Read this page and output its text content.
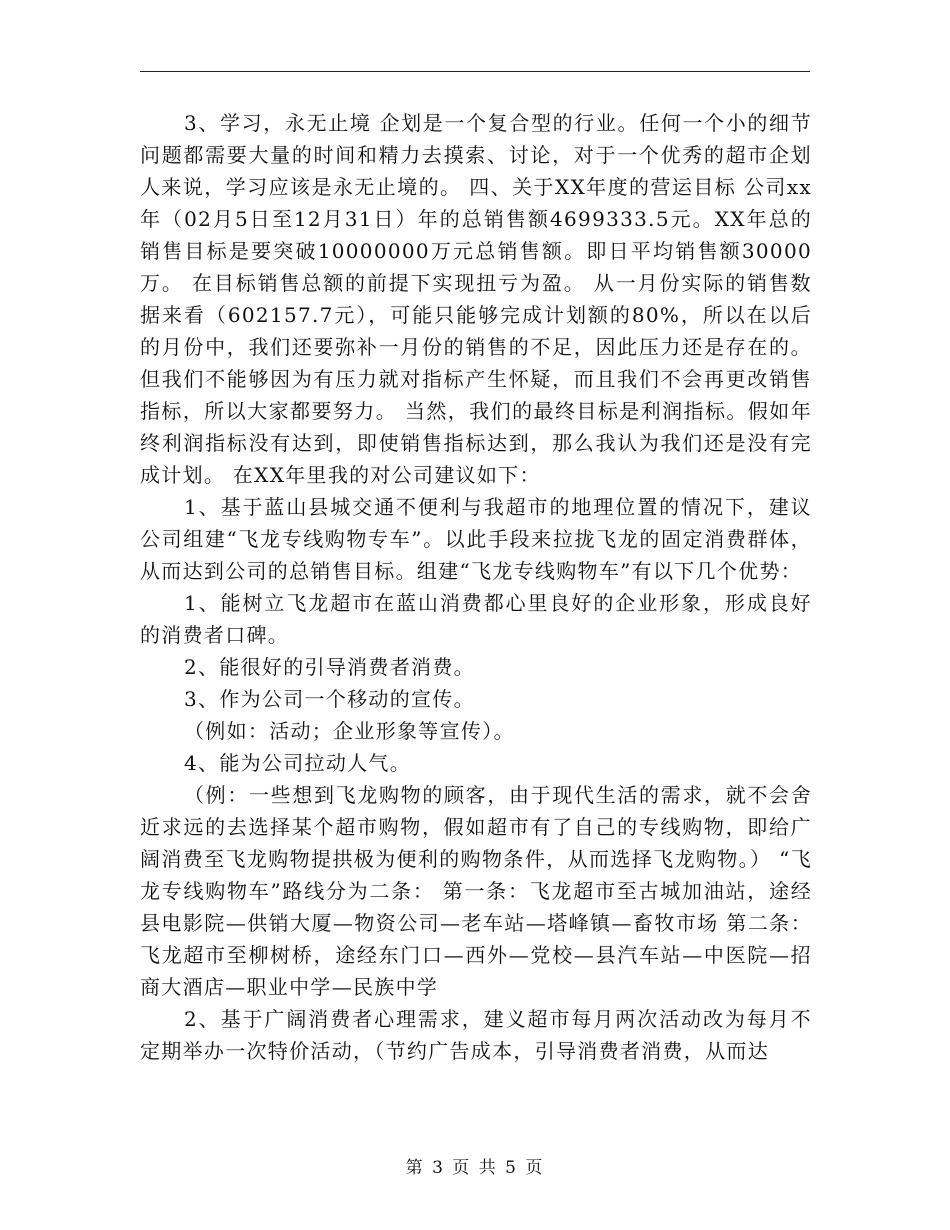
3、学习，永无止境 企划是一个复合型的行业。任何一个小的细节问题都需要大量的时间和精力去摸索、讨论，对于一个优秀的超市企划人来说，学习应该是永无止境的。 四、关于XX年度的营运目标 公司xx年（02月5日至12月31日）年的总销售额4699333.5元。XX年总的销售目标是要突破10000000万元总销售额。即日平均销售额30000万。 在目标销售总额的前提下实现扭亏为盈。 从一月份实际的销售数据来看（602157.7元），可能只能够完成计划额的80%，所以在以后的月份中，我们还要弥补一月份的销售的不足，因此压力还是存在的。但我们不能够因为有压力就对指标产生怀疑，而且我们不会再更改销售指标，所以大家都要努力。 当然，我们的最终目标是利润指标。假如年终利润指标没有达到，即使销售指标达到，那么我认为我们还是没有完成计划。 在XX年里我的对公司建议如下：

1、基于蓝山县城交通不便利与我超市的地理位置的情况下，建议公司组建“飞龙专线购物专车”。以此手段来拉拢飞龙的固定消费群体，从而达到公司的总销售目标。组建“飞龙专线购物车”有以下几个优势：

1、能树立飞龙超市在蓝山消费都心里良好的企业形象，形成良好的消费者口碑。

2、能很好的引导消费者消费。

3、作为公司一个移动的宣传。

（例如：活动；企业形象等宣传）。

4、能为公司拉动人气。

（例：一些想到飞龙购物的顾客，由于现代生活的需求，就不会舍近求远的去选择某个超市购物，假如超市有了自己的专线购物，即给广阔消费至飞龙购物提拱极为便利的购物条件，从而选择飞龙购物。） “飞龙专线购物车”路线分为二条： 第一条：飞龙超市至古城加油站，途经县电影院—供销大厦—物资公司—老车站—塔峰镇—畜牧市场 第二条：飞龙超市至柳树桥，途经东门口—西外—党校—县汽车站—中医院—招商大酒店—职业中学—民族中学

2、基于广阔消费者心理需求，建义超市每月两次活动改为每月不定期举办一次特价活动，（节约广告成本，引导消费者消费，从而达

第 3 页 共 5 页
